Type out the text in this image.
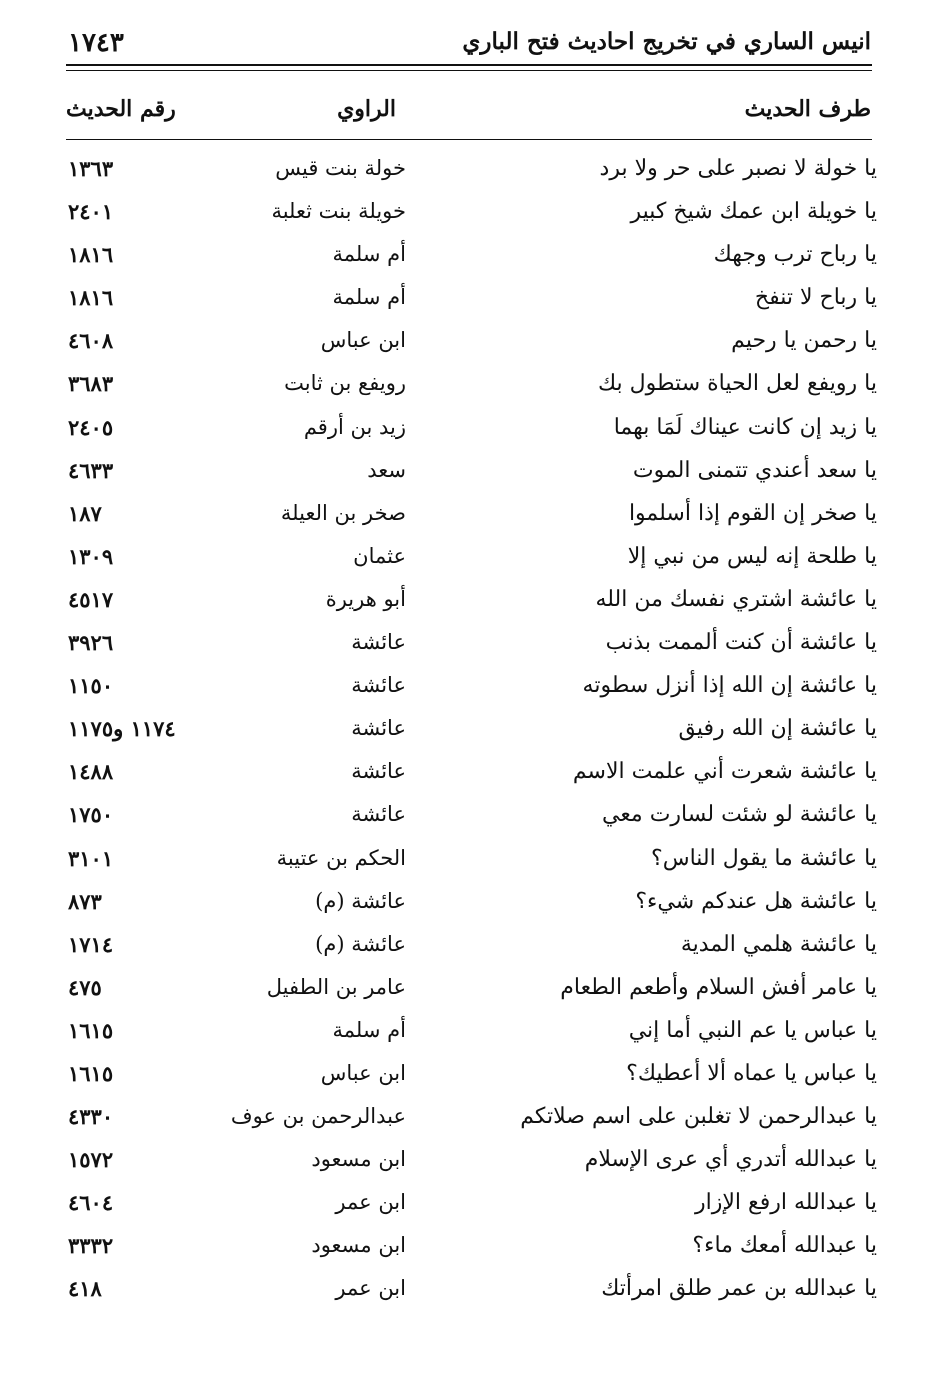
انيس الساري في تخريج احاديث فتح الباري
١٧٤٣
طرف الحديث
الراوي
رقم الحديث
يا خولة لا نصبر على حر ولا برد
خولة بنت قيس
١٣٦٣
يا خويلة ابن عمك شيخ كبير
خويلة بنت ثعلبة
٢٤٠١
يا رباح ترب وجهك
أم سلمة
١٨١٦
يا رباح لا تنفخ
أم سلمة
١٨١٦
يا رحمن يا رحيم
ابن عباس
٤٦٠٨
يا رويفع لعل الحياة ستطول بك
رويفع بن ثابت
٣٦٨٣
يا زيد إن كانت عيناك لَمَا بهما
زيد بن أرقم
٢٤٠٥
يا سعد أعندي تتمنى الموت
سعد
٤٦٣٣
يا صخر إن القوم إذا أسلموا
صخر بن العيلة
١٨٧
يا طلحة إنه ليس من نبي إلا
عثمان
١٣٠٩
يا عائشة اشتري نفسك من الله
أبو هريرة
٤٥١٧
يا عائشة أن كنت ألممت بذنب
عائشة
٣٩٢٦
يا عائشة إن الله إذا أنزل سطوته
عائشة
١١٥٠
يا عائشة إن الله رفيق
عائشة
١١٧٤ و١١٧٥
يا عائشة شعرت أني علمت الاسم
عائشة
١٤٨٨
يا عائشة لو شئت لسارت معي
عائشة
١٧٥٠
يا عائشة ما يقول الناس؟
الحكم بن عتيبة
٣١٠١
يا عائشة هل عندكم شيء؟
عائشة (م)
٨٧٣
يا عائشة هلمي المدية
عائشة (م)
١٧١٤
يا عامر أفش السلام وأطعم الطعام
عامر بن الطفيل
٤٧٥
يا عباس يا عم النبي أما إني
أم سلمة
١٦١٥
يا عباس يا عماه ألا أعطيك؟
ابن عباس
١٦١٥
يا عبدالرحمن لا تغلبن على اسم صلاتكم
عبدالرحمن بن عوف
٤٣٣٠
يا عبدالله أتدري أي عرى الإسلام
ابن مسعود
١٥٧٢
يا عبدالله ارفع الإزار
ابن عمر
٤٦٠٤
يا عبدالله أمعك ماء؟
ابن مسعود
٣٣٣٢
يا عبدالله بن عمر طلق امرأتك
ابن عمر
٤١٨
